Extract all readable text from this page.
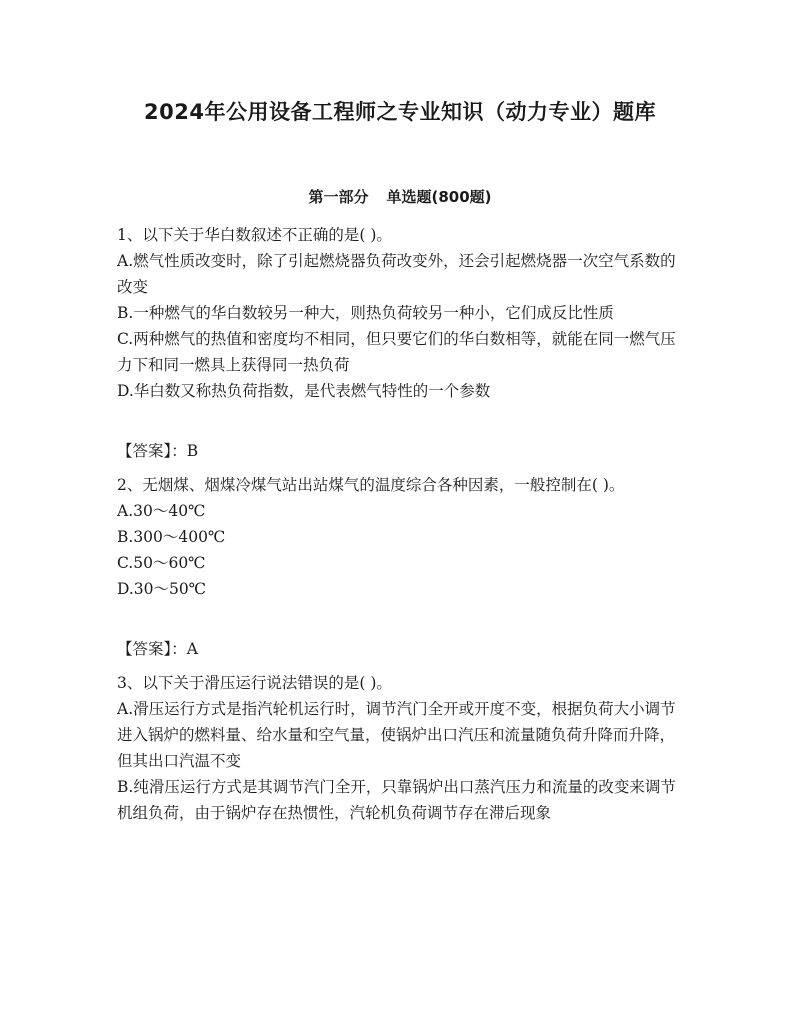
2024年公用设备工程师之专业知识（动力专业）题库
第一部分 单选题(800题)

1、以下关于华白数叙述不正确的是( )。

A.燃气性质改变时，除了引起燃烧器负荷改变外，还会引起燃烧器一次空气系数的改变

B.一种燃气的华白数较另一种大，则热负荷较另一种小，它们成反比性质

C.两种燃气的热值和密度均不相同，但只要它们的华白数相等，就能在同一燃气压力下和同一燃具上获得同一热负荷

D.华白数又称热负荷指数，是代表燃气特性的一个参数

【答案】：B

2、无烟煤、烟煤冷煤气站出站煤气的温度综合各种因素，一般控制在( )。

A.30～40℃

B.300～400℃

C.50～60℃

D.30～50℃

【答案】：A

3、以下关于滑压运行说法错误的是( )。

A.滑压运行方式是指汽轮机运行时，调节汽门全开或开度不变，根据负荷大小调节进入锅炉的燃料量、给水量和空气量，使锅炉出口汽压和流量随负荷升降而升降，但其出口汽温不变

B.纯滑压运行方式是其调节汽门全开，只靠锅炉出口蒸汽压力和流量的改变来调节机组负荷，由于锅炉存在热惯性，汽轮机负荷调节存在滞后现象
